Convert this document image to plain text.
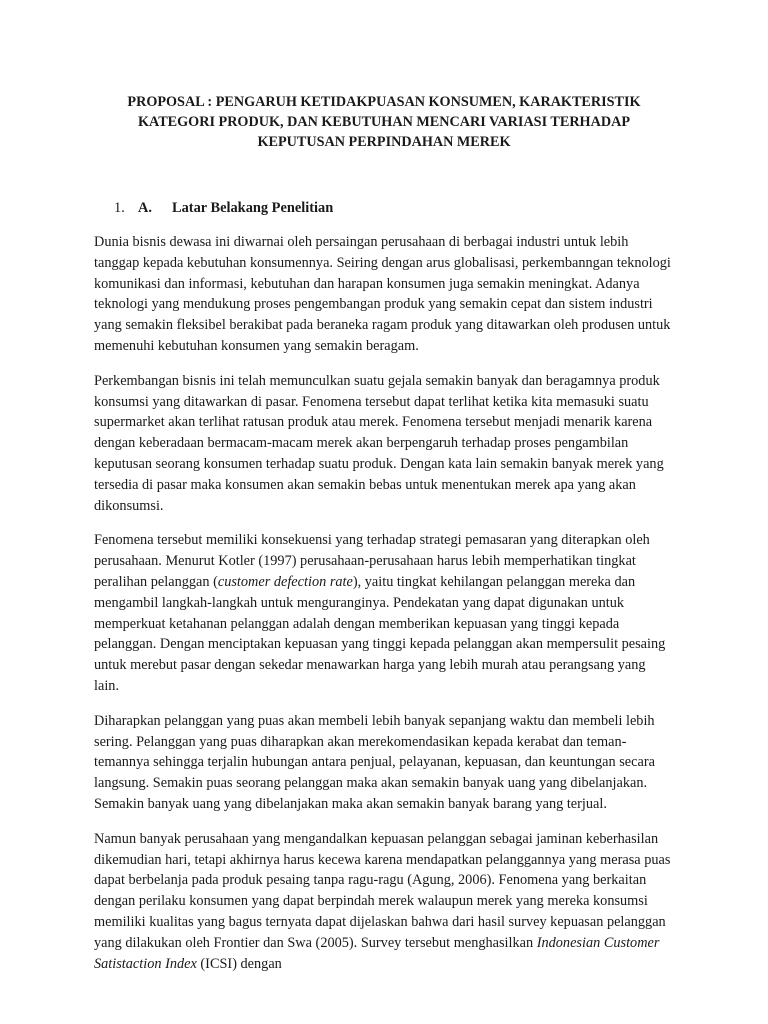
PROPOSAL : PENGARUH KETIDAKPUASAN KONSUMEN, KARAKTERISTIK
KATEGORI PRODUK, DAN KEBUTUHAN MENCARI VARIASI TERHADAP
KEPUTUSAN PERPINDAHAN MEREK
1. A.	Latar Belakang Penelitian

Dunia bisnis dewasa ini diwarnai oleh persaingan perusahaan di berbagai industri untuk lebih tanggap kepada kebutuhan konsumennya. Seiring dengan arus globalisasi, perkembanngan teknologi komunikasi dan informasi, kebutuhan dan harapan konsumen juga semakin meningkat. Adanya teknologi yang mendukung proses pengembangan produk yang semakin cepat dan sistem industri yang semakin fleksibel berakibat pada beraneka ragam produk yang ditawarkan oleh produsen untuk memenuhi kebutuhan konsumen yang semakin beragam.

Perkembangan bisnis ini telah memunculkan suatu gejala semakin banyak dan beragamnya produk konsumsi yang ditawarkan di pasar. Fenomena tersebut dapat terlihat ketika kita memasuki suatu supermarket akan terlihat ratusan produk atau merek. Fenomena tersebut menjadi menarik karena dengan keberadaan bermacam-macam merek akan berpengaruh terhadap proses pengambilan keputusan seorang konsumen terhadap suatu produk. Dengan kata lain semakin banyak merek yang tersedia di pasar maka konsumen akan semakin bebas untuk menentukan merek apa yang akan dikonsumsi.

Fenomena tersebut memiliki konsekuensi yang terhadap strategi pemasaran yang diterapkan oleh perusahaan. Menurut Kotler (1997) perusahaan-perusahaan harus lebih memperhatikan tingkat peralihan pelanggan (customer defection rate), yaitu tingkat kehilangan pelanggan mereka dan mengambil langkah-langkah untuk menguranginya. Pendekatan yang dapat digunakan untuk memperkuat ketahanan pelanggan adalah dengan memberikan kepuasan yang tinggi kepada pelanggan. Dengan menciptakan kepuasan yang tinggi kepada pelanggan akan mempersulit pesaing untuk merebut pasar dengan sekedar menawarkan harga yang lebih murah atau perangsang yang lain.

Diharapkan pelanggan yang puas akan membeli lebih banyak sepanjang waktu dan membeli lebih sering. Pelanggan yang puas diharapkan akan merekomendasikan kepada kerabat dan teman-temannya sehingga terjalin hubungan antara penjual, pelayanan, kepuasan, dan keuntungan secara langsung. Semakin puas seorang pelanggan maka akan semakin banyak uang yang dibelanjakan. Semakin banyak uang yang dibelanjakan maka akan semakin banyak barang yang terjual.

Namun banyak perusahaan yang mengandalkan kepuasan pelanggan sebagai jaminan keberhasilan dikemudian hari, tetapi akhirnya harus kecewa karena mendapatkan pelanggannya yang merasa puas dapat berbelanja pada produk pesaing tanpa ragu-ragu (Agung, 2006). Fenomena yang berkaitan dengan perilaku konsumen yang dapat berpindah merek walaupun merek yang mereka konsumsi memiliki kualitas yang bagus ternyata dapat dijelaskan bahwa dari hasil survey kepuasan pelanggan yang dilakukan oleh Frontier dan Swa (2005). Survey tersebut menghasilkan Indonesian Customer Satistaction Index (ICSI) dengan
